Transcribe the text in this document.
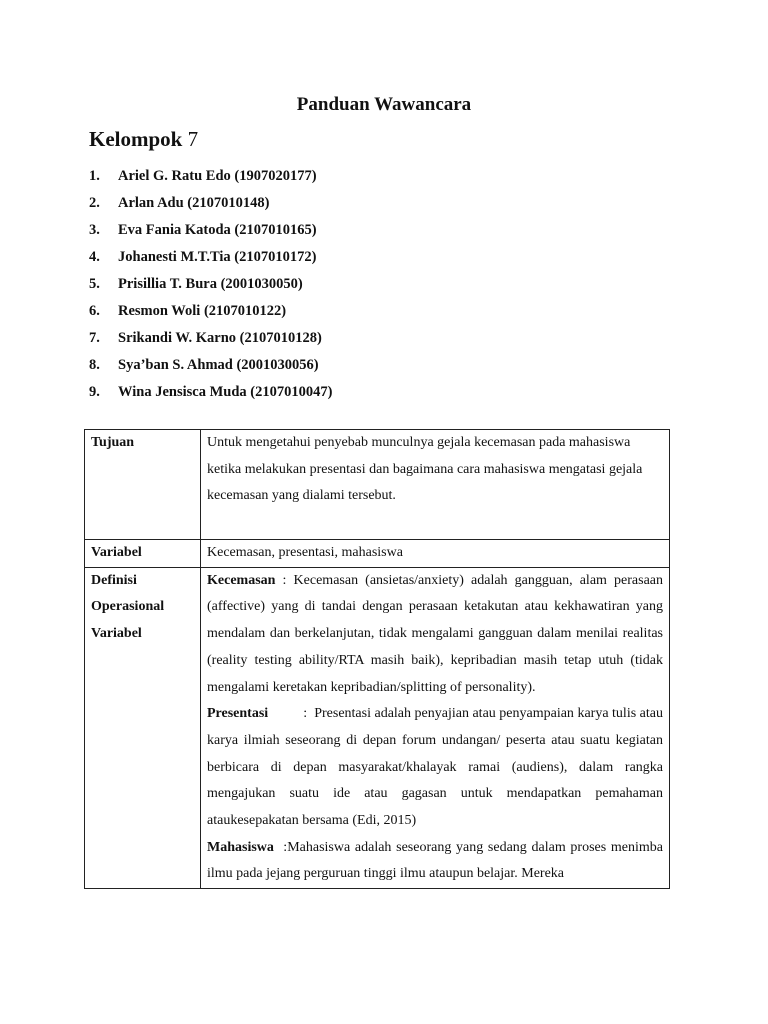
Panduan Wawancara
Kelompok 7
1.	Ariel G. Ratu Edo (1907020177)
2.	Arlan Adu (2107010148)
3.	Eva Fania Katoda (2107010165)
4.	Johanesti M.T.Tia (2107010172)
5.	Prisillia T. Bura (2001030050)
6.	Resmon Woli (2107010122)
7.	Srikandi W. Karno (2107010128)
8.	Sya’ban S. Ahmad (2001030056)
9.	Wina Jensisca Muda (2107010047)
Tujuan	Untuk mengetahui penyebab munculnya gejala kecemasan pada mahasiswa ketika melakukan presentasi dan bagaimana cara mahasiswa mengatasi gejala kecemasan yang dialami tersebut.
Variabel	Kecemasan, presentasi, mahasiswa
Definisi Operasional Variabel	Kecemasan : Kecemasan (ansietas/anxiety) adalah gangguan, alam perasaan (affective) yang di tandai dengan perasaan ketakutan atau kekhawatiran yang mendalam dan berkelanjutan, tidak mengalami gangguan dalam menilai realitas (reality testing ability/RTA masih baik), kepribadian masih tetap utuh (tidak mengalami keretakan kepribadian/splitting of personality).

Presentasi          :  Presentasi adalah penyajian atau penyampaian karya tulis atau karya ilmiah seseorang di depan forum undangan/ peserta atau suatu kegiatan berbicara di depan masyarakat/khalayak ramai (audiens), dalam rangka mengajukan suatu ide atau gagasan untuk mendapatkan pemahaman ataukesepakatan bersama (Edi, 2015)

Mahasiswa  :Mahasiswa adalah seseorang yang sedang dalam proses menimba ilmu pada jejang perguruan tinggi ilmu ataupun belajar. Mereka
